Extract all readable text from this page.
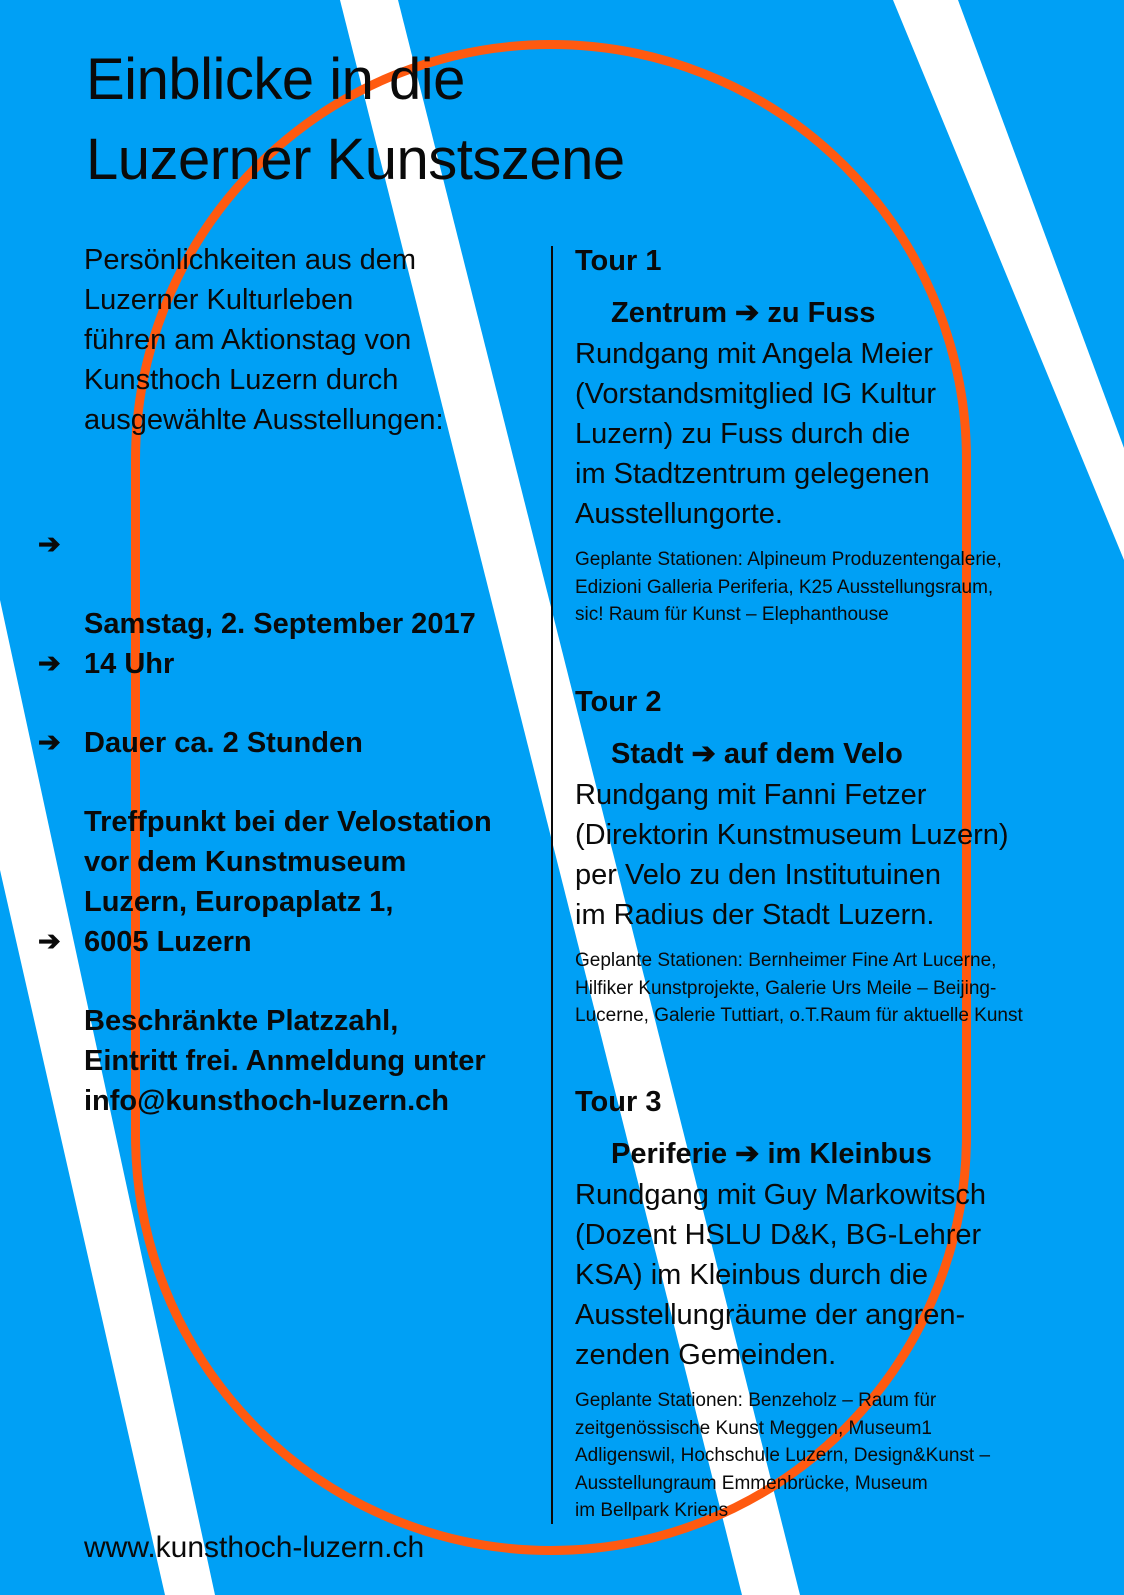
Einblicke in die
Luzerner Kunstszene

Persönlichkeiten aus dem
Luzerner Kulturleben
führen am Aktionstag von
Kunsthoch Luzern durch
ausgewählte Ausstellungen:

➔

Samstag, 2. September 2017
14 Uhr

➔

Dauer ca. 2 Stunden

➔

Treffpunkt bei der Velostation
vor dem Kunstmuseum
Luzern, Europaplatz 1,
6005 Luzern

➔

Beschränkte Platzzahl,
Eintritt frei. Anmeldung unter
info@kunsthoch-luzern.ch

Tour 1
Zentrum ➔ zu Fuss
Rundgang mit Angela Meier
(Vorstandsmitglied IG Kultur
Luzern) zu Fuss durch die
im Stadtzentrum gelegenen
Ausstellungorte.
Geplante Stationen: Alpineum Produzentengalerie,
Edizioni Galleria Periferia, K25 Ausstellungsraum,
sic! Raum für Kunst – Elephanthouse
Tour 2
Stadt ➔ auf dem Velo
Rundgang mit Fanni Fetzer
(Direktorin Kunstmuseum Luzern)
per Velo zu den Institutuinen
im Radius der Stadt Luzern.
Geplante Stationen: Bernheimer Fine Art Lucerne,
Hilfiker Kunstprojekte, Galerie Urs Meile – Beijing-
Lucerne, Galerie Tuttiart, o.T.Raum für aktuelle Kunst
Tour 3
Periferie ➔ im Kleinbus
Rundgang mit Guy Markowitsch
(Dozent HSLU D&K, BG-Lehrer
KSA) im Kleinbus durch die
Ausstellungräume der angren-
zenden Gemeinden.
Geplante Stationen: Benzeholz – Raum für
zeitgenössische Kunst Meggen, Museum1
Adligenswil, Hochschule Luzern, Design&Kunst –
Ausstellungraum Emmenbrücke, Museum
im Bellpark Kriens
www.kunsthoch-luzern.ch
